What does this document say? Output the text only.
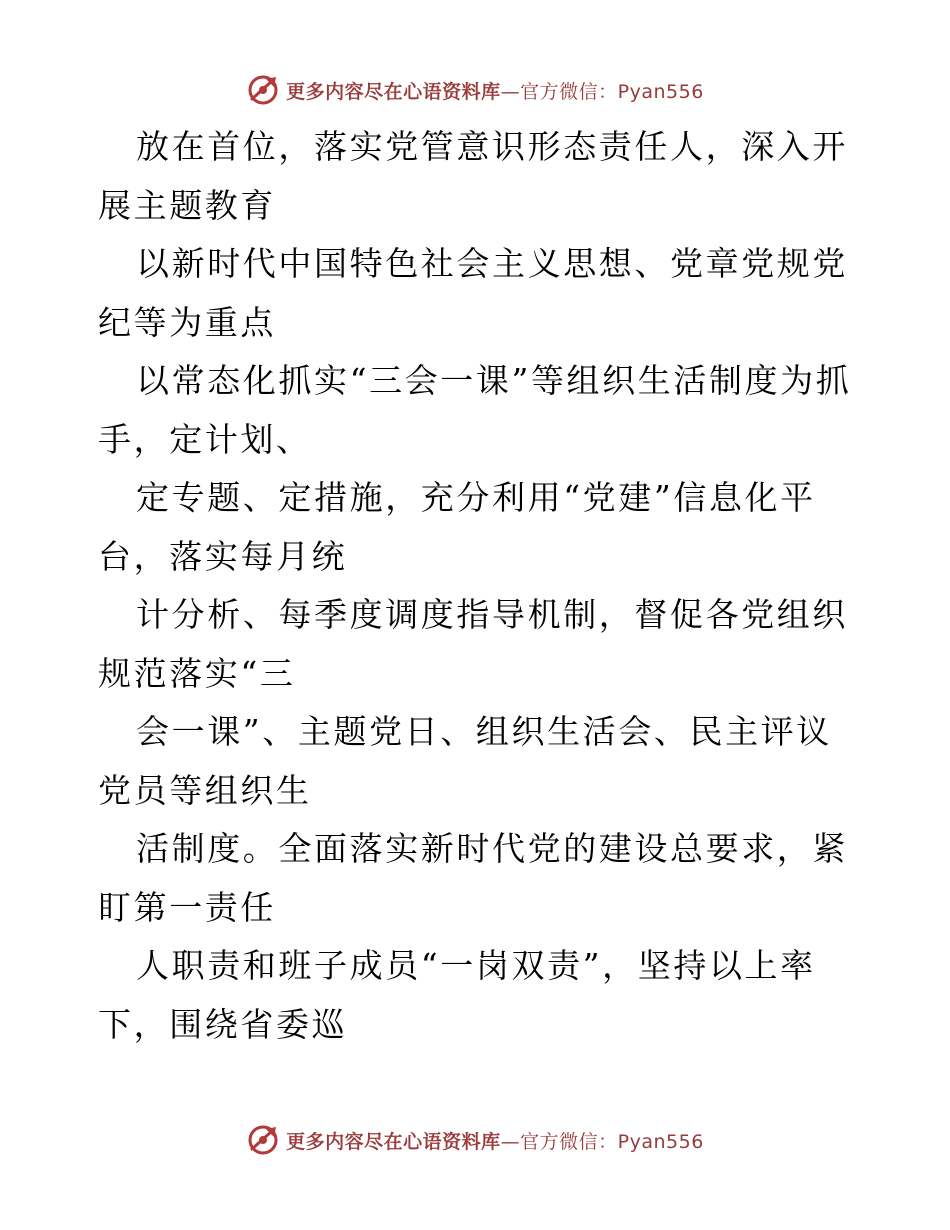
更多内容尽在心语资料库—官方微信：Pyan556

放在首位，落实党管意识形态责任人，深入开展主题教育

以新时代中国特色社会主义思想、党章党规党纪等为重点

以常态化抓实“三会一课”等组织生活制度为抓手，定计划、

定专题、定措施，充分利用“党建”信息化平台，落实每月统

计分析、每季度调度指导机制，督促各党组织规范落实“三

会一课”、主题党日、组织生活会、民主评议党员等组织生

活制度。全面落实新时代党的建设总要求，紧盯第一责任

人职责和班子成员“一岗双责”，坚持以上率下，围绕省委巡

更多内容尽在心语资料库—官方微信：Pyan556
